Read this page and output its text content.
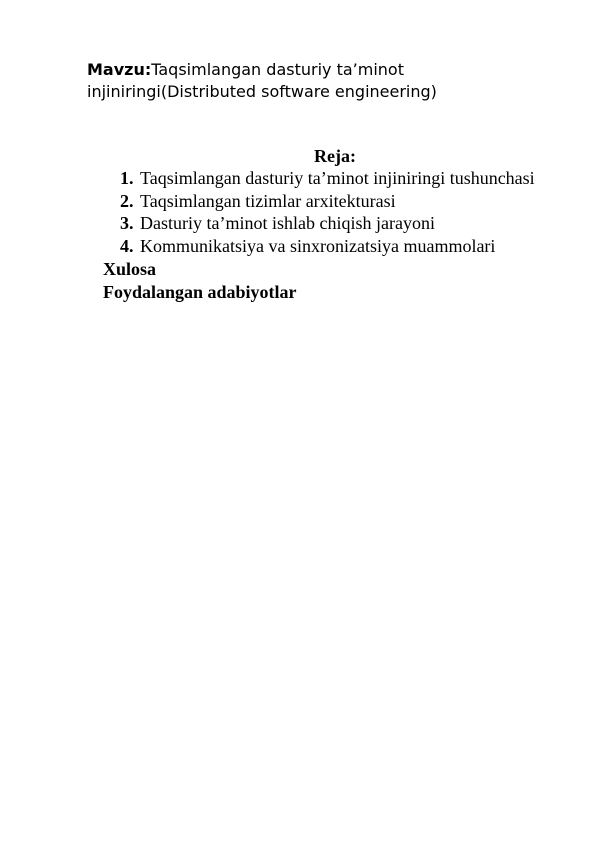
Mavzu:Taqsimlangan dasturiy ta’minot injiniringi(Distributed software engineering)
Reja:
1. Taqsimlangan dasturiy ta’minot injiniringi tushunchasi
2. Taqsimlangan tizimlar arxitekturasi
3. Dasturiy ta’minot ishlab chiqish jarayoni
4. Kommunikatsiya va sinxronizatsiya muammolari
Xulosa
Foydalangan adabiyotlar
